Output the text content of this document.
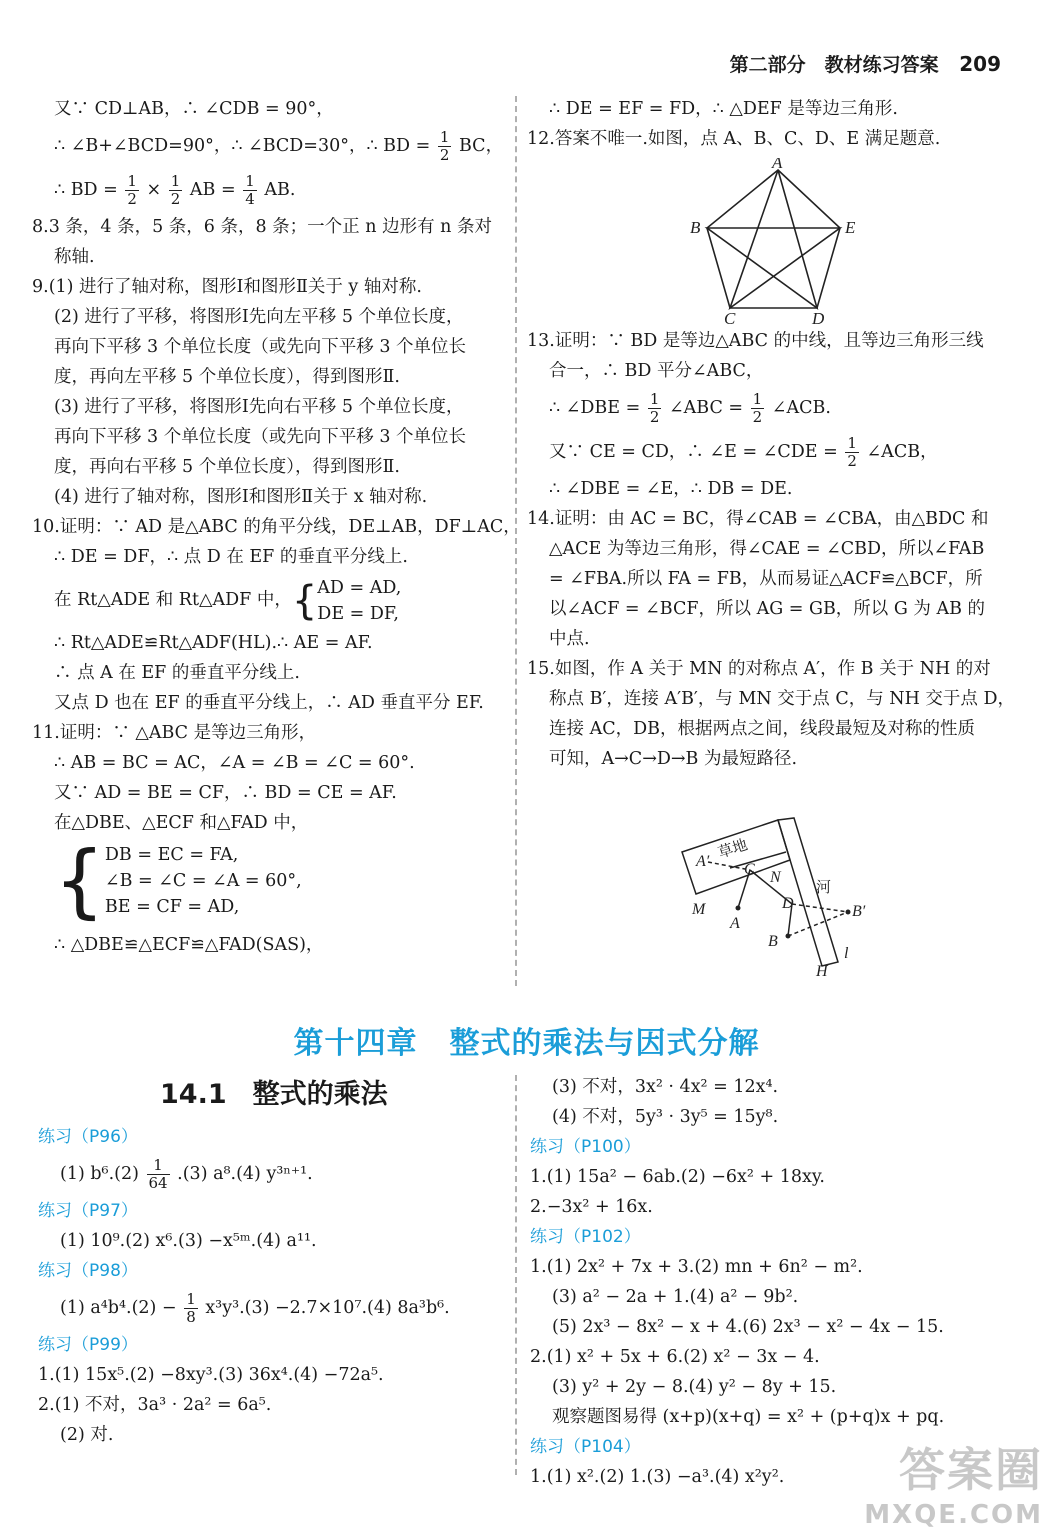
第二部分　教材练习答案 209
又∵ CD⊥AB，∴ ∠CDB = 90°，
∴ ∠B+∠BCD=90°，∴ ∠BCD=30°，∴ BD = $\frac{1}{2}$ BC，
∴ BD = $\frac{1}{2} \times \frac{1}{2}$ AB = $\frac{1}{4}$ AB.
8.3 条，4 条，5 条，6 条，8 条；一个正 n 边形有 n 条对
称轴.
9.(1) 进行了轴对称，图形Ⅰ和图形Ⅱ关于 y 轴对称.
(2) 进行了平移，将图形Ⅰ先向左平移 5 个单位长度，
再向下平移 3 个单位长度（或先向下平移 3 个单位长
度，再向左平移 5 个单位长度），得到图形Ⅱ.
(3) 进行了平移，将图形Ⅰ先向右平移 5 个单位长度，
再向下平移 3 个单位长度（或先向下平移 3 个单位长
度，再向右平移 5 个单位长度），得到图形Ⅱ.
(4) 进行了轴对称，图形Ⅰ和图形Ⅱ关于 x 轴对称.
10.证明：∵ AD 是△ABC 的角平分线，DE⊥AB，DF⊥AC，
∴ DE = DF，∴ 点 D 在 EF 的垂直平分线上.
在 Rt△ADE 和 Rt△ADF 中，{ AD = AD,
DE = DF,
∴ Rt△ADE≌Rt△ADF(HL).∴ AE = AF.
∴ 点 A 在 EF 的垂直平分线上.
又点 D 也在 EF 的垂直平分线上，∴ AD 垂直平分 EF.
11.证明：∵ △ABC 是等边三角形，
∴ AB = BC = AC，∠A = ∠B = ∠C = 60°.
又∵ AD = BE = CF，∴ BD = CE = AF.
在△DBE、△ECF 和△FAD 中，
{ DB = EC = FA,
∠B = ∠C = ∠A = 60°,
BE = CF = AD,
∴ △DBE≌△ECF≌△FAD(SAS)，
∴ DE = EF = FD，∴ △DEF 是等边三角形.
12.答案不唯一.如图，点 A、B、C、D、E 满足题意.
13.证明：∵ BD 是等边△ABC 的中线，且等边三角形三线
合一，∴ BD 平分∠ABC，
∴ ∠DBE = $\frac{1}{2}$ ∠ABC = $\frac{1}{2}$ ∠ACB.
又∵ CE = CD，∴ ∠E = ∠CDE = $\frac{1}{2}$ ∠ACB，
∴ ∠DBE = ∠E，∴ DB = DE.
14.证明：由 AC = BC，得∠CAB = ∠CBA，由△BDC 和
△ACE 为等边三角形，得∠CAE = ∠CBD，所以∠FAB
= ∠FBA.所以 FA = FB，从而易证△ACF≌△BCF，所
以∠ACF = ∠BCF，所以 AG = GB，所以 G 为 AB 的
中点.
15.如图，作 A 关于 MN 的对称点 A′，作 B 关于 NH 的对
称点 B′，连接 A′B′，与 MN 交于点 C，与 NH 交于点 D，
连接 AC，DB，根据两点之间，线段最短及对称的性质
可知，A→C→D→B 为最短路径.
A
B
C	D
E
A′ C N
D
M
A
B′
B
l
H
草地
河
第十四章 整式的乘法与因式分解
14.1 整式的乘法
练习（P96）
(1) $b^6.(2) \frac{1}{64} .(3)$ a⁸.(4) y³ⁿ⁺¹.
练习（P97）
(1) 10⁹.(2) x⁶.(3) −x⁵ᵐ.(4) a¹¹.
练习（P98）
(1) $a^4b^4.(2) - \frac{1}{8} x^3y^3.(3) -2.7\times 10^7.(4)$ 8a³b⁶.
练习（P99）
1.(1) 15x⁵.(2) −8xy³.(3) 36x⁴.(4) −72a⁵.
2.(1) 不对，3a³ · 2a² = 6a⁵.
(2) 对.
(3) 不对，3x² · 4x² = 12x⁴.
(4) 不对，5y³ · 3y⁵ = 15y⁸.
练习（P100）
1.(1) 15a² − 6ab.(2) −6x² + 18xy.
2.−3x² + 16x.
练习（P102）
1.(1) 2x² + 7x + 3.(2) mn + 6n² − m².
(3) a² − 2a + 1.(4) a² − 9b².
(5) 2x³ − 8x² − x + 4.(6) 2x³ − x² − 4x − 15.
2.(1) x² + 5x + 6.(2) x² − 3x − 4.
(3) y² + 2y − 8.(4) y² − 8y + 15.
观察题图易得 (x+p)(x+q) = x² + (p+q)x + pq.
练习（P104）
1.(1) x².(2) 1.(3) −a³.(4) x²y².	答案圈
MXQE.COM
